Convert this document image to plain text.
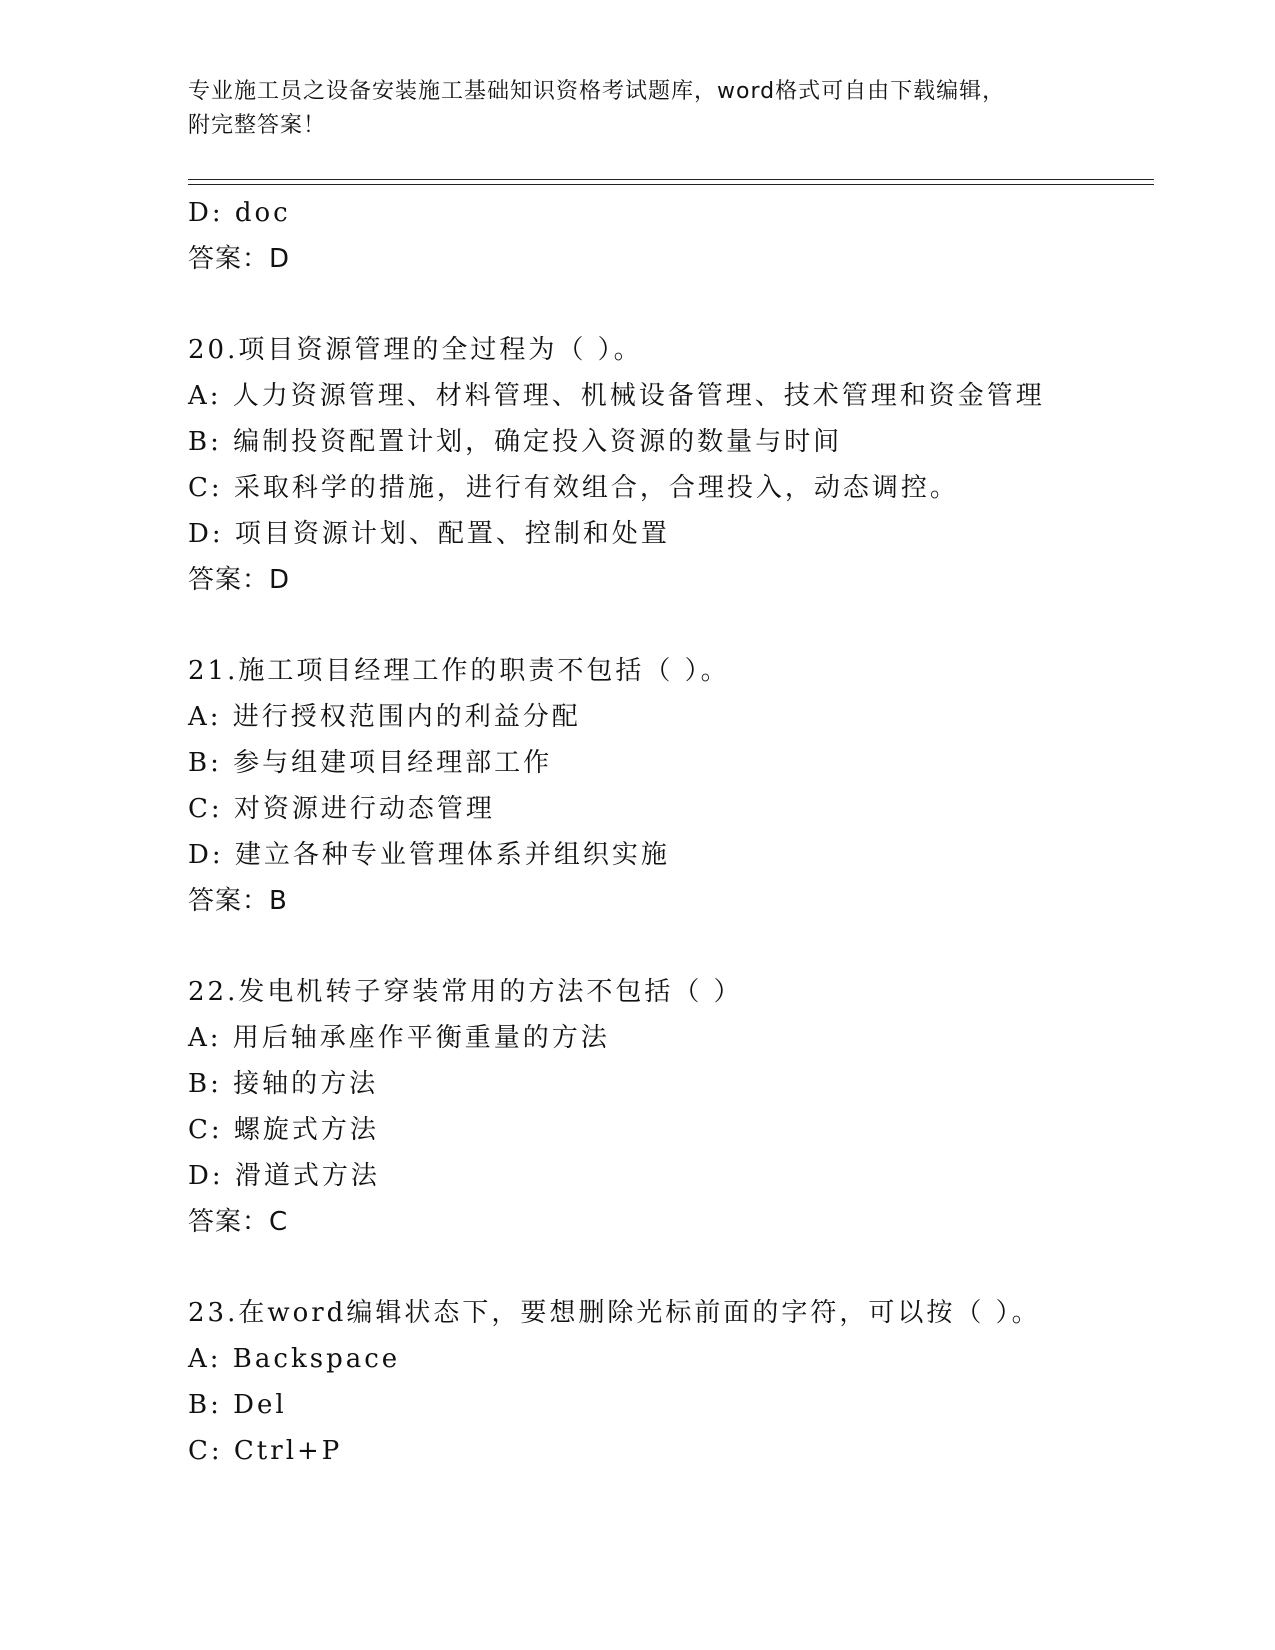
专业施工员之设备安装施工基础知识资格考试题库，word格式可自由下载编辑，
附完整答案！
D: doc
答案：D
20.项目资源管理的全过程为（ ）。
A: 人力资源管理、材料管理、机械设备管理、技术管理和资金管理
B: 编制投资配置计划，确定投入资源的数量与时间
C: 采取科学的措施，进行有效组合，合理投入，动态调控。
D: 项目资源计划、配置、控制和处置
答案：D
21.施工项目经理工作的职责不包括（ ）。
A: 进行授权范围内的利益分配
B: 参与组建项目经理部工作
C: 对资源进行动态管理
D: 建立各种专业管理体系并组织实施
答案：B
22.发电机转子穿装常用的方法不包括（ ）
A: 用后轴承座作平衡重量的方法
B: 接轴的方法
C: 螺旋式方法
D: 滑道式方法
答案：C
23.在word编辑状态下，要想删除光标前面的字符，可以按（ ）。
A: Backspace
B: Del
C: Ctrl+P
